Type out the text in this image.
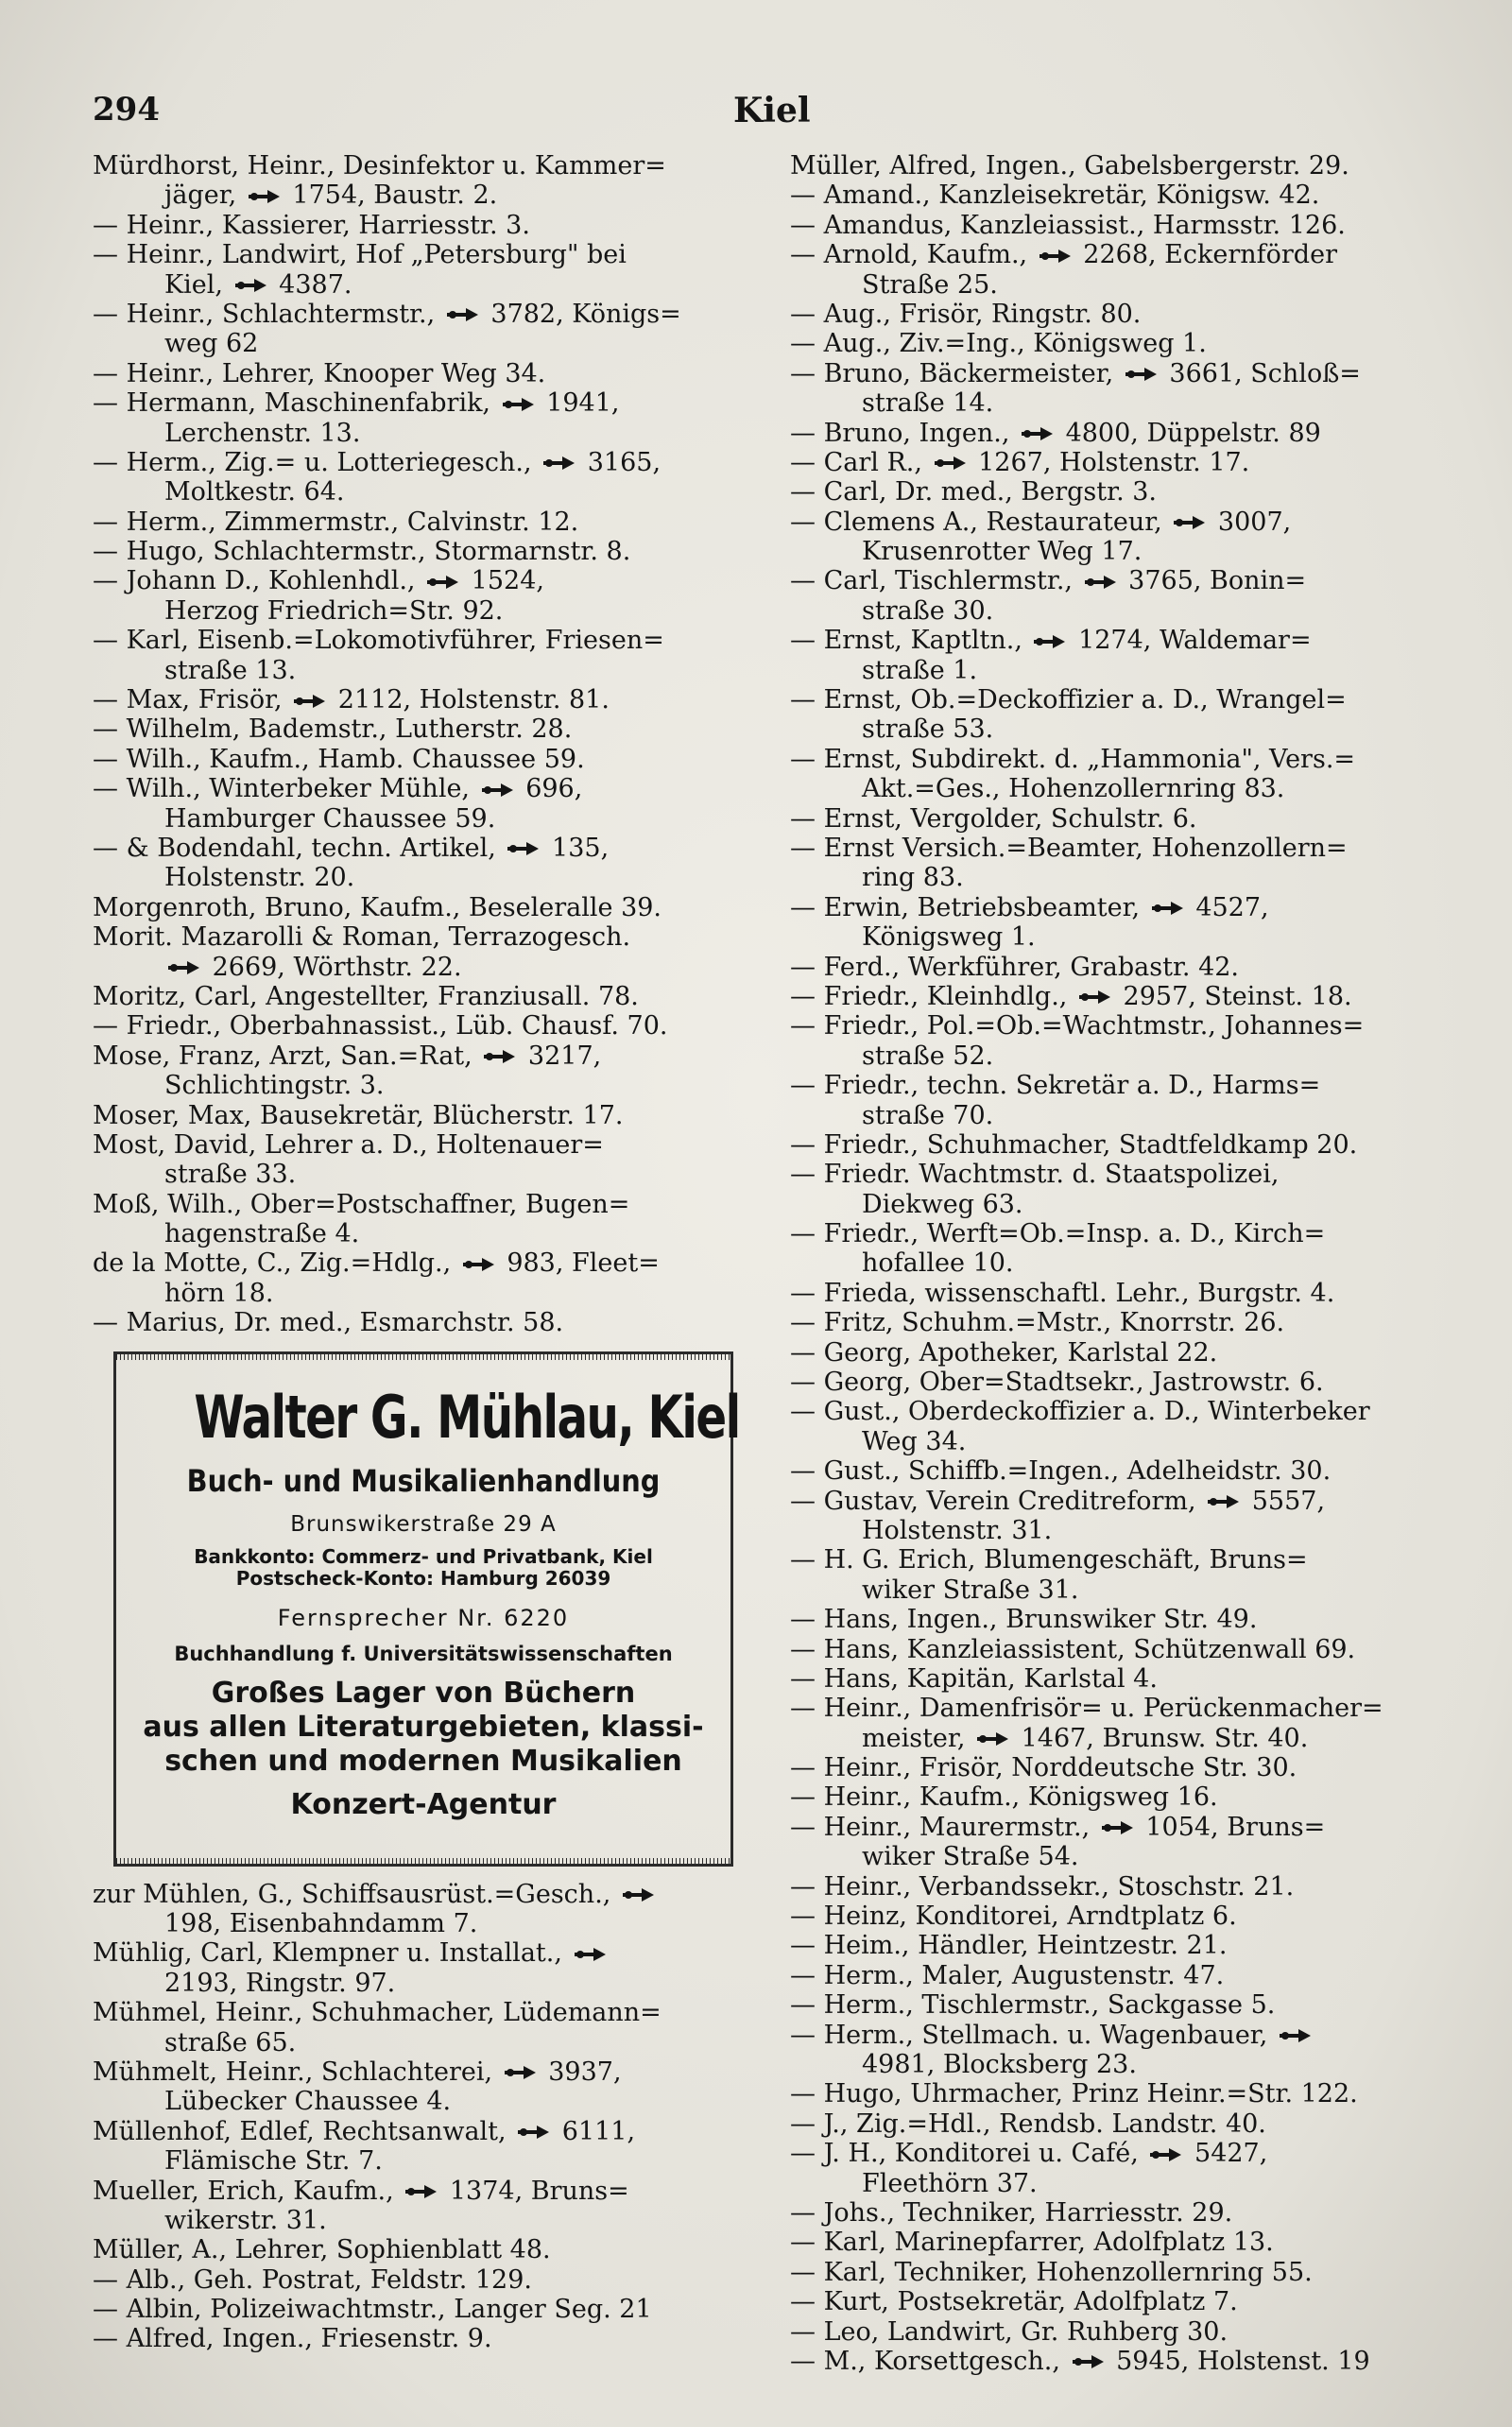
294	Kiel
Mürdhorst, Heinr., Desinfektor u. Kammer=
jäger,  1754, Baustr. 2.
— Heinr., Kassierer, Harriesstr. 3.
— Heinr., Landwirt, Hof „Petersburg" bei
Kiel,  4387.
— Heinr., Schlachtermstr.,  3782, Königs=
weg 62
— Heinr., Lehrer, Knooper Weg 34.
— Hermann, Maschinenfabrik,  1941,
Lerchenstr. 13.
— Herm., Zig.= u. Lotteriegesch.,  3165,
Moltkestr. 64.
— Herm., Zimmermstr., Calvinstr. 12.
— Hugo, Schlachtermstr., Stormarnstr. 8.
— Johann D., Kohlenhdl.,  1524,
Herzog Friedrich=Str. 92.
— Karl, Eisenb.=Lokomotivführer, Friesen=
straße 13.
— Max, Frisör,  2112, Holstenstr. 81.
— Wilhelm, Bademstr., Lutherstr. 28.
— Wilh., Kaufm., Hamb. Chaussee 59.
— Wilh., Winterbeker Mühle,  696,
Hamburger Chaussee 59.
— & Bodendahl, techn. Artikel,  135,
Holstenstr. 20.
Morgenroth, Bruno, Kaufm., Beseleralle 39.
Morit. Mazarolli & Roman, Terrazogesch.
2669, Wörthstr. 22.
Moritz, Carl, Angestellter, Franziusall. 78.
— Friedr., Oberbahnassist., Lüb. Chausf. 70.
Mose, Franz, Arzt, San.=Rat,  3217,
Schlichtingstr. 3.
Moser, Max, Bausekretär, Blücherstr. 17.
Most, David, Lehrer a. D., Holtenauer=
straße 33.
Moß, Wilh., Ober=Postschaffner, Bugen=
hagenstraße 4.
de la Motte, C., Zig.=Hdlg.,  983, Fleet=
hörn 18.
— Marius, Dr. med., Esmarchstr. 58.
Walter G. Mühlau, Kiel
Buch- und Musikalienhandlung
Brunswikerstraße 29 A
Bankkonto: Commerz- und Privatbank, Kiel
Postscheck-Konto: Hamburg 26039
Fernsprecher Nr. 6220
Buchhandlung f. Universitätswissenschaften
Großes Lager von Büchern
aus allen Literaturgebieten, klassi-
schen und modernen Musikalien
Konzert-Agentur
zur Mühlen, G., Schiffsausrüst.=Gesch.,
198, Eisenbahndamm 7.
Mühlig, Carl, Klempner u. Installat.,
2193, Ringstr. 97.
Mühmel, Heinr., Schuhmacher, Lüdemann=
straße 65.
Mühmelt, Heinr., Schlachterei,  3937,
Lübecker Chaussee 4.
Müllenhof, Edlef, Rechtsanwalt,  6111,
Flämische Str. 7.
Mueller, Erich, Kaufm.,  1374, Bruns=
wikerstr. 31.
Müller, A., Lehrer, Sophienblatt 48.
— Alb., Geh. Postrat, Feldstr. 129.
— Albin, Polizeiwachtmstr., Langer Seg. 21
— Alfred, Ingen., Friesenstr. 9.
Müller, Alfred, Ingen., Gabelsbergerstr. 29.
— Amand., Kanzleisekretär, Königsw. 42.
— Amandus, Kanzleiassist., Harmsstr. 126.
— Arnold, Kaufm.,  2268, Eckernförder
Straße 25.
— Aug., Frisör, Ringstr. 80.
— Aug., Ziv.=Ing., Königsweg 1.
— Bruno, Bäckermeister,  3661, Schloß=
straße 14.
— Bruno, Ingen.,  4800, Düppelstr. 89
— Carl R.,  1267, Holstenstr. 17.
— Carl, Dr. med., Bergstr. 3.
— Clemens A., Restaurateur,  3007,
Krusenrotter Weg 17.
— Carl, Tischlermstr.,  3765, Bonin=
straße 30.
— Ernst, Kaptltn.,  1274, Waldemar=
straße 1.
— Ernst, Ob.=Deckoffizier a. D., Wrangel=
straße 53.
— Ernst, Subdirekt. d. „Hammonia", Vers.=
Akt.=Ges., Hohenzollernring 83.
— Ernst, Vergolder, Schulstr. 6.
— Ernst Versich.=Beamter, Hohenzollern=
ring 83.
— Erwin, Betriebsbeamter,  4527,
Königsweg 1.
— Ferd., Werkführer, Grabastr. 42.
— Friedr., Kleinhdlg.,  2957, Steinst. 18.
— Friedr., Pol.=Ob.=Wachtmstr., Johannes=
straße 52.
— Friedr., techn. Sekretär a. D., Harms=
straße 70.
— Friedr., Schuhmacher, Stadtfeldkamp 20.
— Friedr. Wachtmstr. d. Staatspolizei,
Diekweg 63.
— Friedr., Werft=Ob.=Insp. a. D., Kirch=
hofallee 10.
— Frieda, wissenschaftl. Lehr., Burgstr. 4.
— Fritz, Schuhm.=Mstr., Knorrstr. 26.
— Georg, Apotheker, Karlstal 22.
— Georg, Ober=Stadtsekr., Jastrowstr. 6.
— Gust., Oberdeckoffizier a. D., Winterbeker
Weg 34.
— Gust., Schiffb.=Ingen., Adelheidstr. 30.
— Gustav, Verein Creditreform,  5557,
Holstenstr. 31.
— H. G. Erich, Blumengeschäft, Bruns=
wiker Straße 31.
— Hans, Ingen., Brunswiker Str. 49.
— Hans, Kanzleiassistent, Schützenwall 69.
— Hans, Kapitän, Karlstal 4.
— Heinr., Damenfrisör= u. Perückenmacher=
meister,  1467, Brunsw. Str. 40.
— Heinr., Frisör, Norddeutsche Str. 30.
— Heinr., Kaufm., Königsweg 16.
— Heinr., Maurermstr.,  1054, Bruns=
wiker Straße 54.
— Heinr., Verbandssekr., Stoschstr. 21.
— Heinz, Konditorei, Arndtplatz 6.
— Heim., Händler, Heintzestr. 21.
— Herm., Maler, Augustenstr. 47.
— Herm., Tischlermstr., Sackgasse 5.
— Herm., Stellmach. u. Wagenbauer,
4981, Blocksberg 23.
— Hugo, Uhrmacher, Prinz Heinr.=Str. 122.
— J., Zig.=Hdl., Rendsb. Landstr. 40.
— J. H., Konditorei u. Café,  5427,
Fleethörn 37.
— Johs., Techniker, Harriesstr. 29.
— Karl, Marinepfarrer, Adolfplatz 13.
— Karl, Techniker, Hohenzollernring 55.
— Kurt, Postsekretär, Adolfplatz 7.
— Leo, Landwirt, Gr. Ruhberg 30.
— M., Korsettgesch.,  5945, Holstenst. 19
